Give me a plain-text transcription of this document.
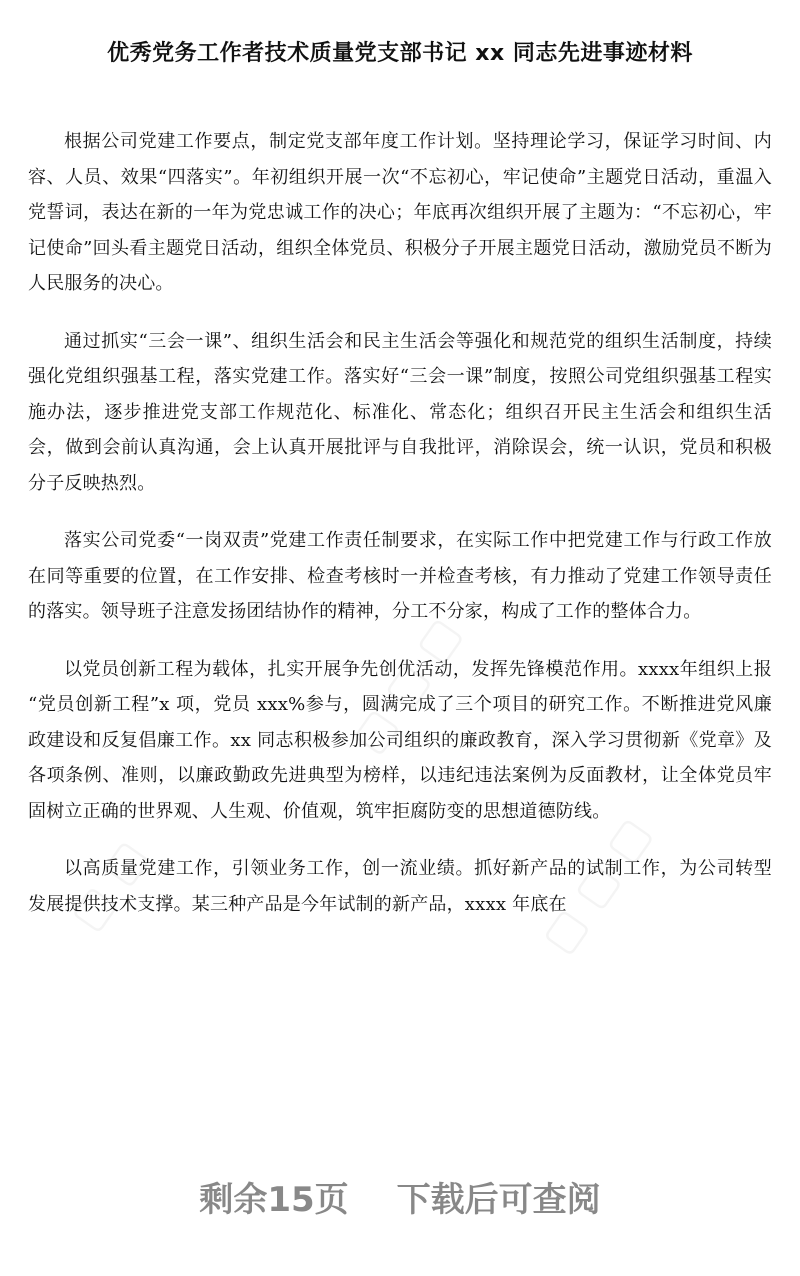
优秀党务工作者技术质量党支部书记 xx 同志先进事迹材料

根据公司党建工作要点，制定党支部年度工作计划。坚持理论学习，保证学习时间、内容、人员、效果“四落实”。年初组织开展一次“不忘初心，牢记使命”主题党日活动，重温入党誓词，表达在新的一年为党忠诚工作的决心；年底再次组织开展了主题为：“不忘初心，牢记使命”回头看主题党日活动，组织全体党员、积极分子开展主题党日活动，激励党员不断为人民服务的决心。

通过抓实“三会一课”、组织生活会和民主生活会等强化和规范党的组织生活制度，持续强化党组织强基工程，落实党建工作。落实好“三会一课”制度，按照公司党组织强基工程实施办法，逐步推进党支部工作规范化、标准化、常态化；组织召开民主生活会和组织生活会，做到会前认真沟通，会上认真开展批评与自我批评，消除误会，统一认识，党员和积极分子反映热烈。

落实公司党委“一岗双责”党建工作责任制要求，在实际工作中把党建工作与行政工作放在同等重要的位置，在工作安排、检查考核时一并检查考核，有力推动了党建工作领导责任的落实。领导班子注意发扬团结协作的精神，分工不分家，构成了工作的整体合力。

以党员创新工程为载体，扎实开展争先创优活动，发挥先锋模范作用。xxxx年组织上报 “党员创新工程”x 项，党员 xxx%参与，圆满完成了三个项目的研究工作。不断推进党风廉政建设和反复倡廉工作。xx 同志积极参加公司组织的廉政教育，深入学习贯彻新《党章》及各项条例、准则，以廉政勤政先进典型为榜样，以违纪违法案例为反面教材，让全体党员牢固树立正确的世界观、人生观、价值观，筑牢拒腐防变的思想道德防线。

以高质量党建工作，引领业务工作，创一流业绩。抓好新产品的试制工作，为公司转型发展提供技术支撑。某三种产品是今年试制的新产品，xxxx 年底在

剩余15页 下载后可查阅
